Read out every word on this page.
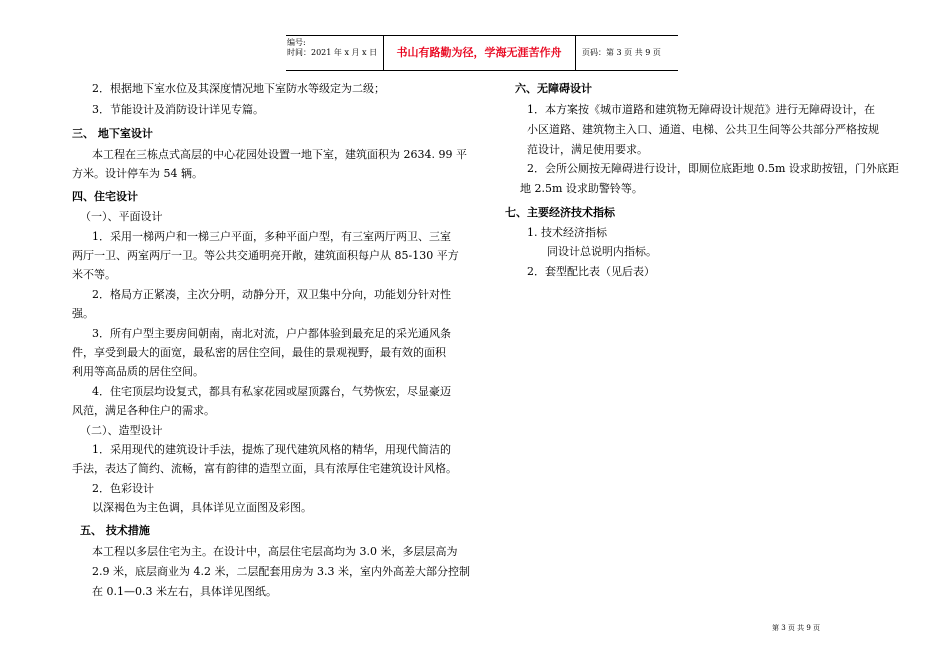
编号:
时间：2021 年 x 月 x 日	书山有路勤为径，学海无涯苦作舟	页码：第 3 页 共 9 页
2．根据地下室水位及其深度情况地下室防水等级定为二级；
3．节能设计及消防设计详见专篇。
三、 地下室设计
本工程在三栋点式高层的中心花园处设置一地下室，建筑面积为 2634. 99 平
方米。设计停车为 54 辆。
四、住宅设计
（一）、平面设计
1．采用一梯两户和一梯三户平面，多种平面户型，有三室两厅两卫、三室
两厅一卫、两室两厅一卫。等公共交通明亮开敞，建筑面积每户从 85-130 平方
米不等。
2．格局方正紧凑，主次分明，动静分开，双卫集中分向，功能划分针对性
强。
3．所有户型主要房间朝南，南北对流，户户都体验到最充足的采光通风条
件，享受到最大的面宽，最私密的居住空间，最佳的景观视野，最有效的面积
利用等高品质的居住空间。
4．住宅顶层均设复式，都具有私家花园或屋顶露台，气势恢宏，尽显豪迈
风范，满足各种住户的需求。
（二）、造型设计
1．采用现代的建筑设计手法，提炼了现代建筑风格的精华，用现代简洁的
手法，表达了简约、流畅，富有韵律的造型立面，具有浓厚住宅建筑设计风格。
2．色彩设计
以深褐色为主色调，具体详见立面图及彩图。
五、 技术措施
本工程以多层住宅为主。在设计中，高层住宅层高均为 3.0 米，多层层高为
2.9 米，底层商业为 4.2 米，二层配套用房为 3.3 米，室内外高差大部分控制
在 0.1—0.3 米左右，具体详见图纸。
六、无障碍设计
1．本方案按《城市道路和建筑物无障碍设计规范》进行无障碍设计，在
小区道路、建筑物主入口、通道、电梯、公共卫生间等公共部分严格按规
范设计，满足使用要求。
2．会所公厕按无障碍进行设计，即厕位底距地 0.5m 设求助按钮，门外底距
地 2.5m 设求助警铃等。
七、主要经济技术指标
1. 技术经济指标
同设计总说明内指标。
2．套型配比表（见后表）
第 3 页 共 9 页
